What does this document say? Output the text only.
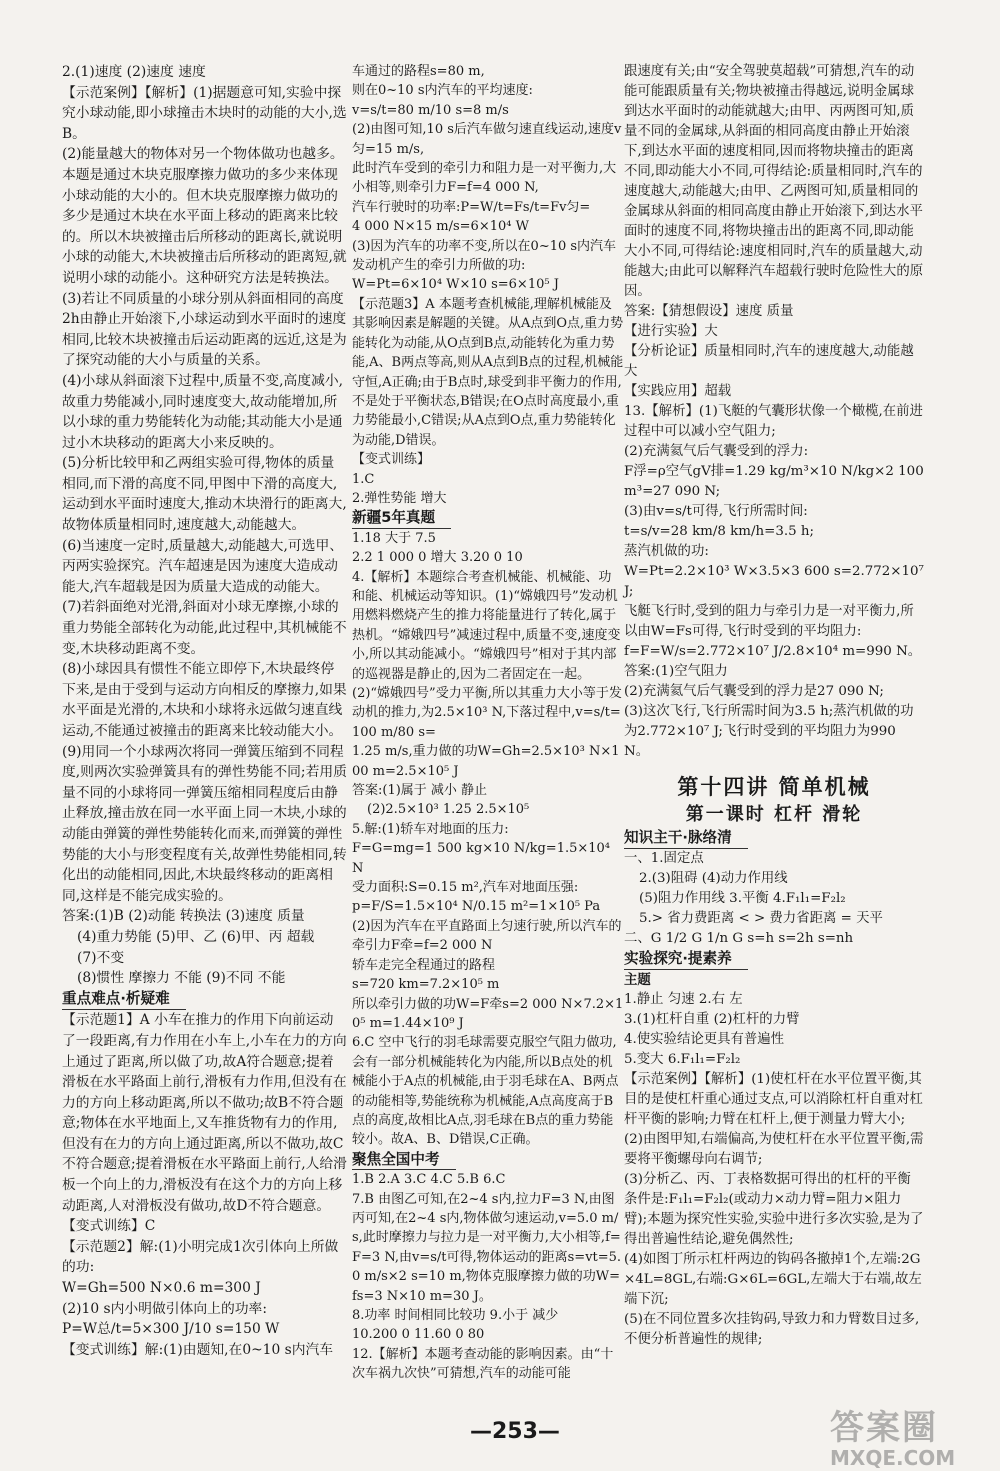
2.(1)速度 (2)速度 速度
【示范案例】【解析】(1)据题意可知,实验中探究小球动能,即小球撞击木块时的动能的大小,选B。
(2)能量越大的物体对另一个物体做功也越多。本题是通过木块克服摩擦力做功的多少来体现小球动能的大小的。但木块克服摩擦力做功的多少是通过木块在水平面上移动的距离来比较的。所以木块被撞击后所移动的距离长,就说明小球的动能大,木块被撞击后所移动的距离短,就说明小球的动能小。这种研究方法是转换法。
(3)若让不同质量的小球分别从斜面相同的高度2h由静止开始滚下,小球运动到水平面时的速度相同,比较木块被撞击后运动距离的远近,这是为了探究动能的大小与质量的关系。
(4)小球从斜面滚下过程中,质量不变,高度减小,故重力势能减小,同时速度变大,故动能增加,所以小球的重力势能转化为动能;其动能大小是通过小木块移动的距离大小来反映的。
(5)分析比较甲和乙两组实验可得,物体的质量相同,而下滑的高度不同,甲图中下滑的高度大,运动到水平面时速度大,推动木块滑行的距离大,故物体质量相同时,速度越大,动能越大。
(6)当速度一定时,质量越大,动能越大,可选甲、丙两实验探究。汽车超速是因为速度大造成动能大,汽车超载是因为质量大造成的动能大。
(7)若斜面绝对光滑,斜面对小球无摩擦,小球的重力势能全部转化为动能,此过程中,其机械能不变,木块移动距离不变。
(8)小球因具有惯性不能立即停下,木块最终停下来,是由于受到与运动方向相反的摩擦力,如果水平面是光滑的,木块和小球将永远做匀速直线运动,不能通过被撞击的距离来比较动能大小。
(9)用同一个小球两次将同一弹簧压缩到不同程度,则两次实验弹簧具有的弹性势能不同;若用质量不同的小球将同一弹簧压缩相同程度后由静止释放,撞击放在同一水平面上同一木块,小球的动能由弹簧的弹性势能转化而来,而弹簧的弹性势能的大小与形变程度有关,故弹性势能相同,转化出的动能相同,因此,木块最终移动的距离相同,这样是不能完成实验的。
答案:(1)B (2)动能 转换法 (3)速度 质量
(4)重力势能 (5)甲、乙 (6)甲、丙 超载
(7)不变
(8)惯性 摩擦力 不能 (9)不同 不能
重点难点·析疑难
【示范题1】A 小车在推力的作用下向前运动了一段距离,有力作用在小车上,小车在力的方向上通过了距离,所以做了功,故A符合题意;提着滑板在水平路面上前行,滑板有力作用,但没有在力的方向上移动距离,所以不做功;故B不符合题意;物体在水平地面上,又车推货物有力的作用,但没有在力的方向上通过距离,所以不做功,故C不符合题意;提着滑板在水平路面上前行,人给滑板一个向上的力,滑板没有在这个力的方向上移动距离,人对滑板没有做功,故D不符合题意。
【变式训练】C
【示范题2】解:(1)小明完成1次引体向上所做的功:
W=Gh=500 N×0.6 m=300 J
(2)10 s内小明做引体向上的功率:
P=W总/t=5×300 J/10 s=150 W
【变式训练】解:(1)由题知,在0~10 s内汽车
车通过的路程s=80 m,
则在0~10 s内汽车的平均速度:
v=s/t=80 m/10 s=8 m/s
(2)由图可知,10 s后汽车做匀速直线运动,速度v匀=15 m/s,
此时汽车受到的牵引力和阻力是一对平衡力,大小相等,则牵引力F=f=4 000 N,
汽车行驶时的功率:P=W/t=Fs/t=Fv匀=
4 000 N×15 m/s=6×10⁴ W
(3)因为汽车的功率不变,所以在0~10 s内汽车发动机产生的牵引力所做的功:
W=Pt=6×10⁴ W×10 s=6×10⁵ J
【示范题3】A 本题考查机械能,理解机械能及其影响因素是解题的关键。从A点到O点,重力势能转化为动能,从O点到B点,动能转化为重力势能,A、B两点等高,则从A点到B点的过程,机械能守恒,A正确;由于B点时,球受到非平衡力的作用,不是处于平衡状态,B错误;在O点时高度最小,重力势能最小,C错误;从A点到O点,重力势能转化为动能,D错误。
【变式训练】
1.C
2.弹性势能 增大
新疆5年真题
1.18 大于 7.5
2.2 1 000 0 增大 3.20 0 10
4.【解析】本题综合考查机械能、机械能、功和能、机械运动等知识。(1)“嫦娥四号”发动机用燃料燃烧产生的推力将能量进行了转化,属于热机。“嫦娥四号”减速过程中,质量不变,速度变小,所以其动能减小。“嫦娥四号”相对于其内部的巡视器是静止的,因为二者固定在一起。
(2)“嫦娥四号”受力平衡,所以其重力大小等于发动机的推力,为2.5×10³ N,下落过程中,v=s/t=100 m/80 s=
1.25 m/s,重力做的功W=Gh=2.5×10³ N×100 m=2.5×10⁵ J
答案:(1)属于 减小 静止
(2)2.5×10³ 1.25 2.5×10⁵
5.解:(1)轿车对地面的压力:
F=G=mg=1 500 kg×10 N/kg=1.5×10⁴ N
受力面积:S=0.15 m²,汽车对地面压强:
p=F/S=1.5×10⁴ N/0.15 m²=1×10⁵ Pa
(2)因为汽车在平直路面上匀速行驶,所以汽车的牵引力F牵=f=2 000 N
轿车走完全程通过的路程
s=720 km=7.2×10⁵ m
所以牵引力做的功W=F牵s=2 000 N×7.2×10⁵ m=1.44×10⁹ J
6.C 空中飞行的羽毛球需要克服空气阻力做功,会有一部分机械能转化为内能,所以B点处的机械能小于A点的机械能,由于羽毛球在A、B两点的动能相等,势能统称为机械能,A点高度高于B点的高度,故相比A点,羽毛球在B点的重力势能较小。故A、B、D错误,C正确。
聚焦全国中考
1.B 2.A 3.C 4.C 5.B 6.C
7.B 由图乙可知,在2~4 s内,拉力F=3 N,由图丙可知,在2~4 s内,物体做匀速运动,v=5.0 m/s,此时摩擦力与拉力是一对平衡力,大小相等,f=F=3 N,由v=s/t可得,物体运动的距离s=vt=5.0 m/s×2 s=10 m,物体克服摩擦力做的功W=fs=3 N×10 m=30 J。
8.功率 时间相同比较功 9.小于 减少
10.200 0 11.60 0 80
12.【解析】本题考查动能的影响因素。由“十次车祸九次快”可猜想,汽车的动能可能
跟速度有关;由“安全驾驶莫超载”可猜想,汽车的动能可能跟质量有关;物块被撞击得越远,说明金属球到达水平面时的动能就越大;由甲、丙两图可知,质量不同的金属球,从斜面的相同高度由静止开始滚下,到达水平面的速度相同,因而将物块撞击的距离不同,即动能大小不同,可得结论:质量相同时,汽车的速度越大,动能越大;由甲、乙两图可知,质量相同的金属球从斜面的相同高度由静止开始滚下,到达水平面时的速度不同,将物块撞击出的距离不同,即动能大小不同,可得结论:速度相同时,汽车的质量越大,动能越大;由此可以解释汽车超载行驶时危险性大的原因。
答案:【猜想假设】速度 质量
【进行实验】大
【分析论证】质量相同时,汽车的速度越大,动能越大
【实践应用】超载
13.【解析】(1)飞艇的气囊形状像一个橄榄,在前进过程中可以减小空气阻力;
(2)充满氦气后气囊受到的浮力:
F浮=ρ空气gV排=1.29 kg/m³×10 N/kg×2 100 m³=27 090 N;
(3)由v=s/t可得,飞行所需时间:
t=s/v=28 km/8 km/h=3.5 h;
蒸汽机做的功:
W=Pt=2.2×10³ W×3.5×3 600 s=2.772×10⁷ J;
飞艇飞行时,受到的阻力与牵引力是一对平衡力,所以由W=Fs可得,飞行时受到的平均阻力:
f=F=W/s=2.772×10⁷ J/2.8×10⁴ m=990 N。
答案:(1)空气阻力
(2)充满氦气后气囊受到的浮力是27 090 N;
(3)这次飞行,飞行所需时间为3.5 h;蒸汽机做的功为2.772×10⁷ J;飞行时受到的平均阻力为990 N。
第十四讲 简单机械
第一课时 杠杆 滑轮
知识主干·脉络清
一、1.固定点
2.(3)阻碍 (4)动力作用线
(5)阻力作用线 3.平衡 4.F₁l₁=F₂l₂
5.> 省力费距离 < > 费力省距离 = 天平
二、G 1/2 G 1/n G s=h s=2h s=nh
实验探究·提素养
主题
1.静止 匀速 2.右 左
3.(1)杠杆自重 (2)杠杆的力臂
4.使实验结论更具有普遍性
5.变大 6.F₁l₁=F₂l₂
【示范案例】【解析】(1)使杠杆在水平位置平衡,其目的是使杠杆重心通过支点,可以消除杠杆自重对杠杆平衡的影响;力臂在杠杆上,便于测量力臂大小;
(2)由图甲知,右端偏高,为使杠杆在水平位置平衡,需要将平衡螺母向右调节;
(3)分析乙、丙、丁表格数据可得出的杠杆的平衡条件是:F₁l₁=F₂l₂(或动力×动力臂=阻力×阻力臂);本题为探究性实验,实验中进行多次实验,是为了得出普遍性结论,避免偶然性;
(4)如图丁所示杠杆两边的钩码各撤掉1个,左端:2G×4L=8GL,右端:G×6L=6GL,左端大于右端,故左端下沉;
(5)在不同位置多次挂钩码,导致力和力臂数目过多,不便分析普遍性的规律;
—253—	答案圈
MXQE.COM
